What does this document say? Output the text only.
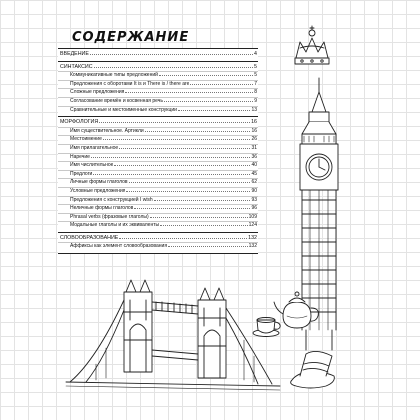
СОДЕРЖАНИЕ
ВВЕДЕНИЕ	4
СИНТАКСИС	5
Коммуникативные типы предложений	5
Предложения с оборотами It is и There is / there are	7
Сложные предложения	8
Согласование времён и косвенная речь	9
Сравнительные и местоименные конструкции	13
МОРФОЛОГИЯ	16
Имя существительное. Артикли	16
Местоимение	26
Имя прилагательное	31
Наречие	36
Имя числительное	40
Предлоги	45
Личные формы глаголов	62
Условные предложения	90
Предложения с конструкцией I wish	93
Неличные формы глаголов	96
Phrasal verbs (фразовые глаголы)	109
Модальные глаголы и их эквиваленты	124
СЛОВООБРАЗОВАНИЕ	132
Аффиксы как элемент словообразования	132
